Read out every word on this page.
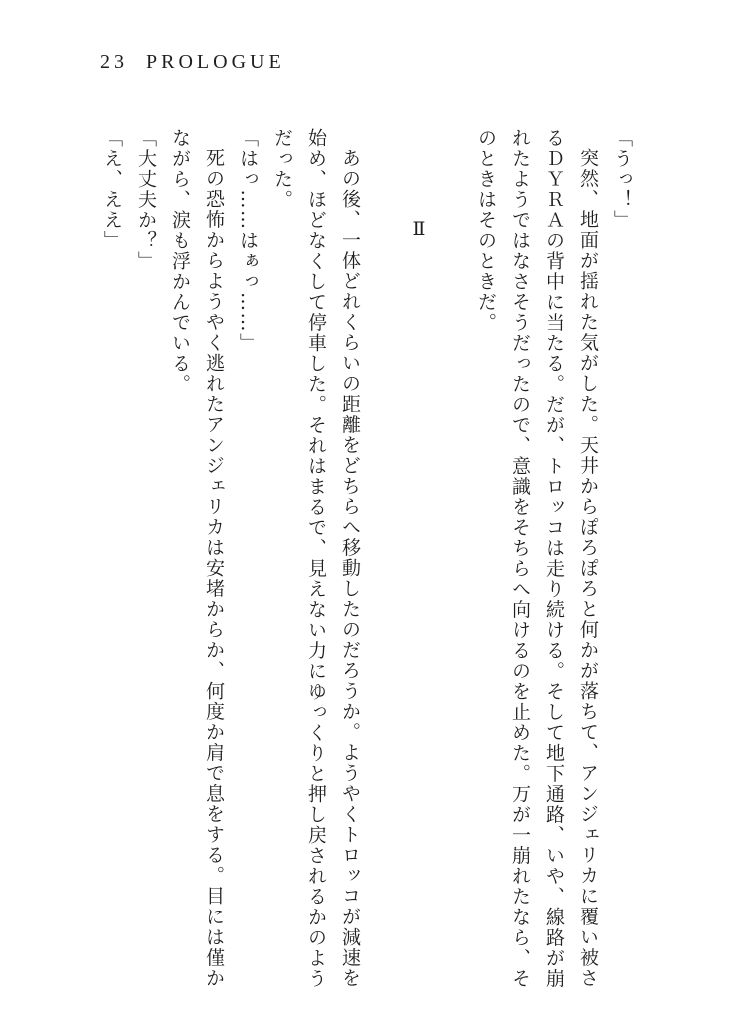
23 PROLOGUE
「うっ！」
突然、地面が揺れた気がした。天井からぽろぽろと何かが落ちて、アンジェリカに覆い被さ
るＤＹＲＡの背中に当たる。だが、トロッコは走り続ける。そして地下通路、いや、線路が崩
れたようではなさそうだったので、意識をそちらへ向けるのを止めた。万が一崩れたなら、そ
のときはそのときだ。
Ⅱ
あの後、一体どれくらいの距離をどちらへ移動したのだろうか。ようやくトロッコが減速を
始め、ほどなくして停車した。それはまるで、見えない力にゆっくりと押し戻されるかのよう
だった。
「はっ……はぁっ……」
死の恐怖からようやく逃れたアンジェリカは安堵からか、何度か肩で息をする。目には僅か
ながら、涙も浮かんでいる。
「大丈夫か？」
「え、ええ」
